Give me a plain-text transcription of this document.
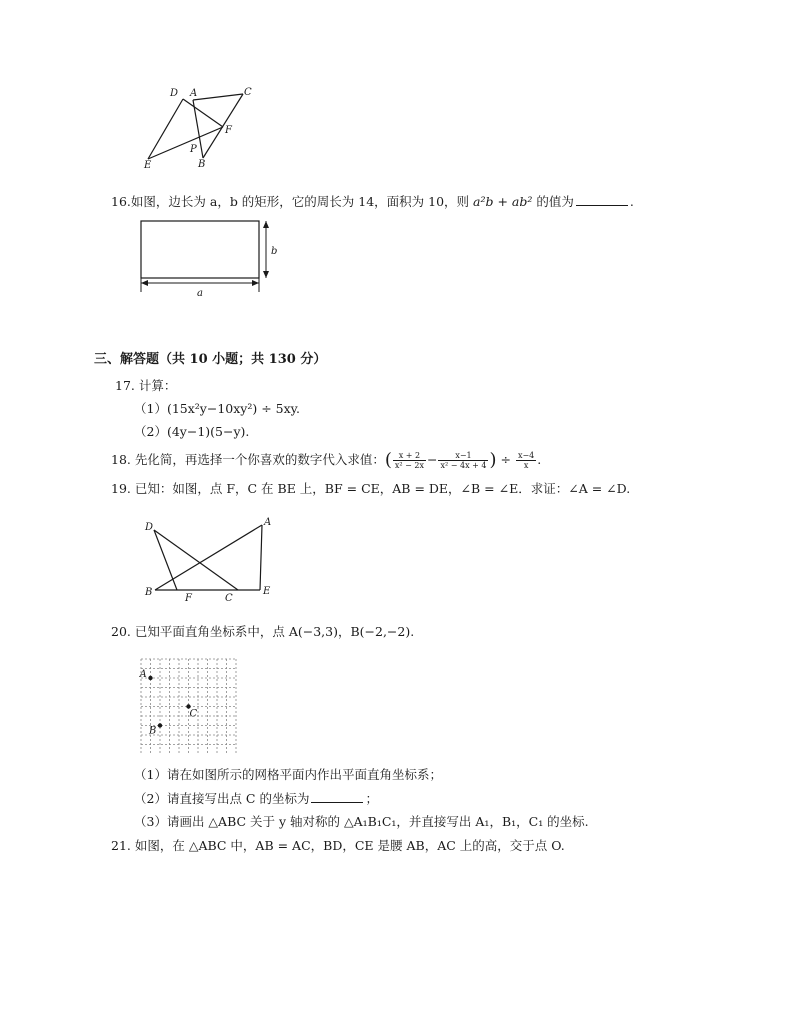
D A	C
F
P
E	B
16.如图，边长为 a，b 的矩形，它的周长为 14，面积为 10，则 a²b + ab² 的值为	.
b
a
三、解答题（共 10 小题；共 130 分）
17. 计算：
（1）(15x²y−10xy²) ÷ 5xy.
（2）(4y−1)(5−y).
18. 先化简，再选择一个你喜欢的数字代入求值：( $\frac{x + 2}{\text{x² − 2x}} - \frac{x-1}{\text{x² − 4x + 4}}$ ) ÷ $\frac{x-4}{x}$ .
19. 已知：如图，点 F，C 在 BE 上，BF = CE，AB = DE，∠B = ∠E．求证：∠A = ∠D.
D	A
B
F	C
E
20. 已知平面直角坐标系中，点 A(−3,3)，B(−2,−2).
A
B
C
（1）请在如图所示的网格平面内作出平面直角坐标系；
（2）请直接写出点 C 的坐标为	；
（3）请画出 △ABC 关于 y 轴对称的 △A₁B₁C₁，并直接写出 A₁，B₁，C₁ 的坐标.
21. 如图，在 △ABC 中，AB = AC，BD，CE 是腰 AB，AC 上的高，交于点 O.
